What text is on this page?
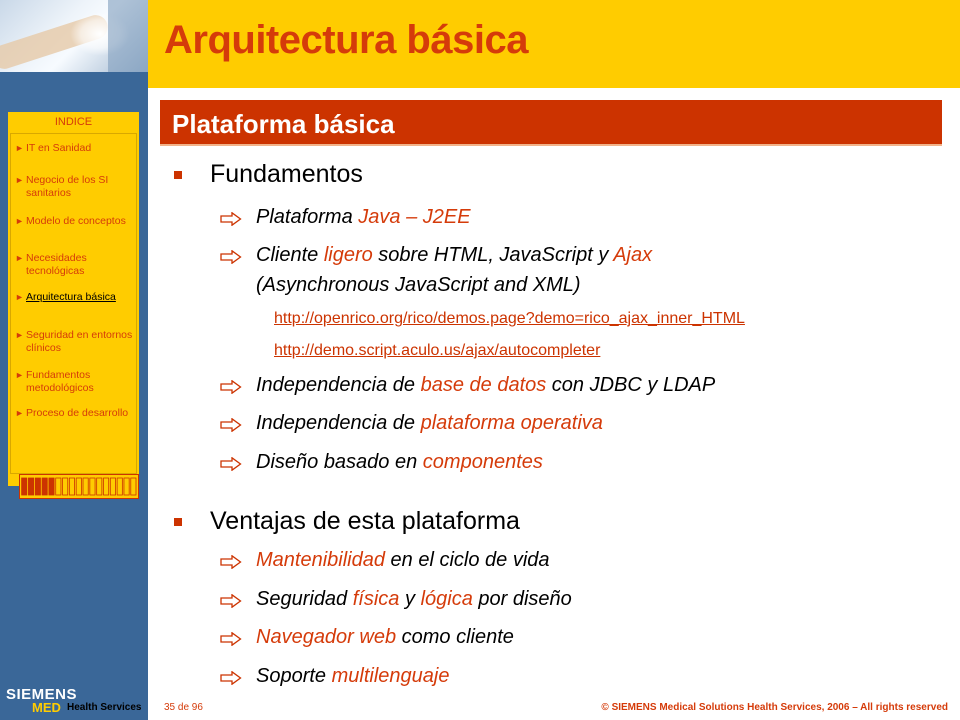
INDICE
► IT en Sanidad
► Negocio de los SI sanitarios
► Modelo de conceptos
► Necesidades tecnológicas
► Arquitectura básica
► Seguridad en entornos clínicos
► Fundamentos metodológicos
► Proceso de desarrollo
SIEMENS
MED Health Services
Arquitectura básica
Plataforma básica
Fundamentos
Plataforma Java – J2EE
Cliente ligero sobre HTML, JavaScript y Ajax
(Asynchronous JavaScript and XML)
http://openrico.org/rico/demos.page?demo=rico_ajax_inner_HTML
http://demo.script.aculo.us/ajax/autocompleter
Independencia de base de datos con JDBC y LDAP
Independencia de plataforma operativa
Diseño basado en componentes
Ventajas de esta plataforma
Mantenibilidad en el ciclo de vida
Seguridad física y lógica por diseño
Navegador web como cliente
Soporte multilenguaje
35 de 96	© SIEMENS Medical Solutions Health Services, 2006 – All rights reserved
